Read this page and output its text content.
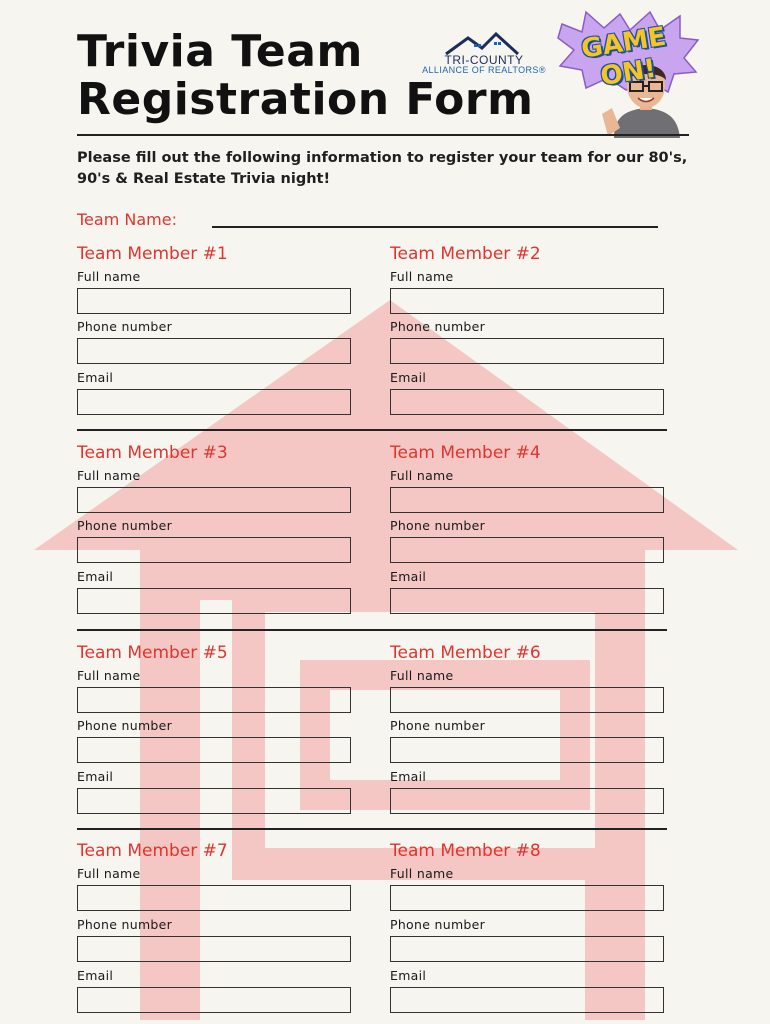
Trivia Team
Registration Form
TRI-COUNTY
ALLIANCE OF REALTORS®
GAME ON!

Please fill out the following information to register your team for our 80's, 90's & Real Estate Trivia night!

Team Name:
Team Member #1
Full name
Phone number
Email
Team Member #2
Full name
Phone number
Email
Team Member #3
Full name
Phone number
Email
Team Member #4
Full name
Phone number
Email
Team Member #5
Full name
Phone number
Email
Team Member #6
Full name
Phone number
Email
Team Member #7
Full name
Phone number
Email
Team Member #8
Full name
Phone number
Email
